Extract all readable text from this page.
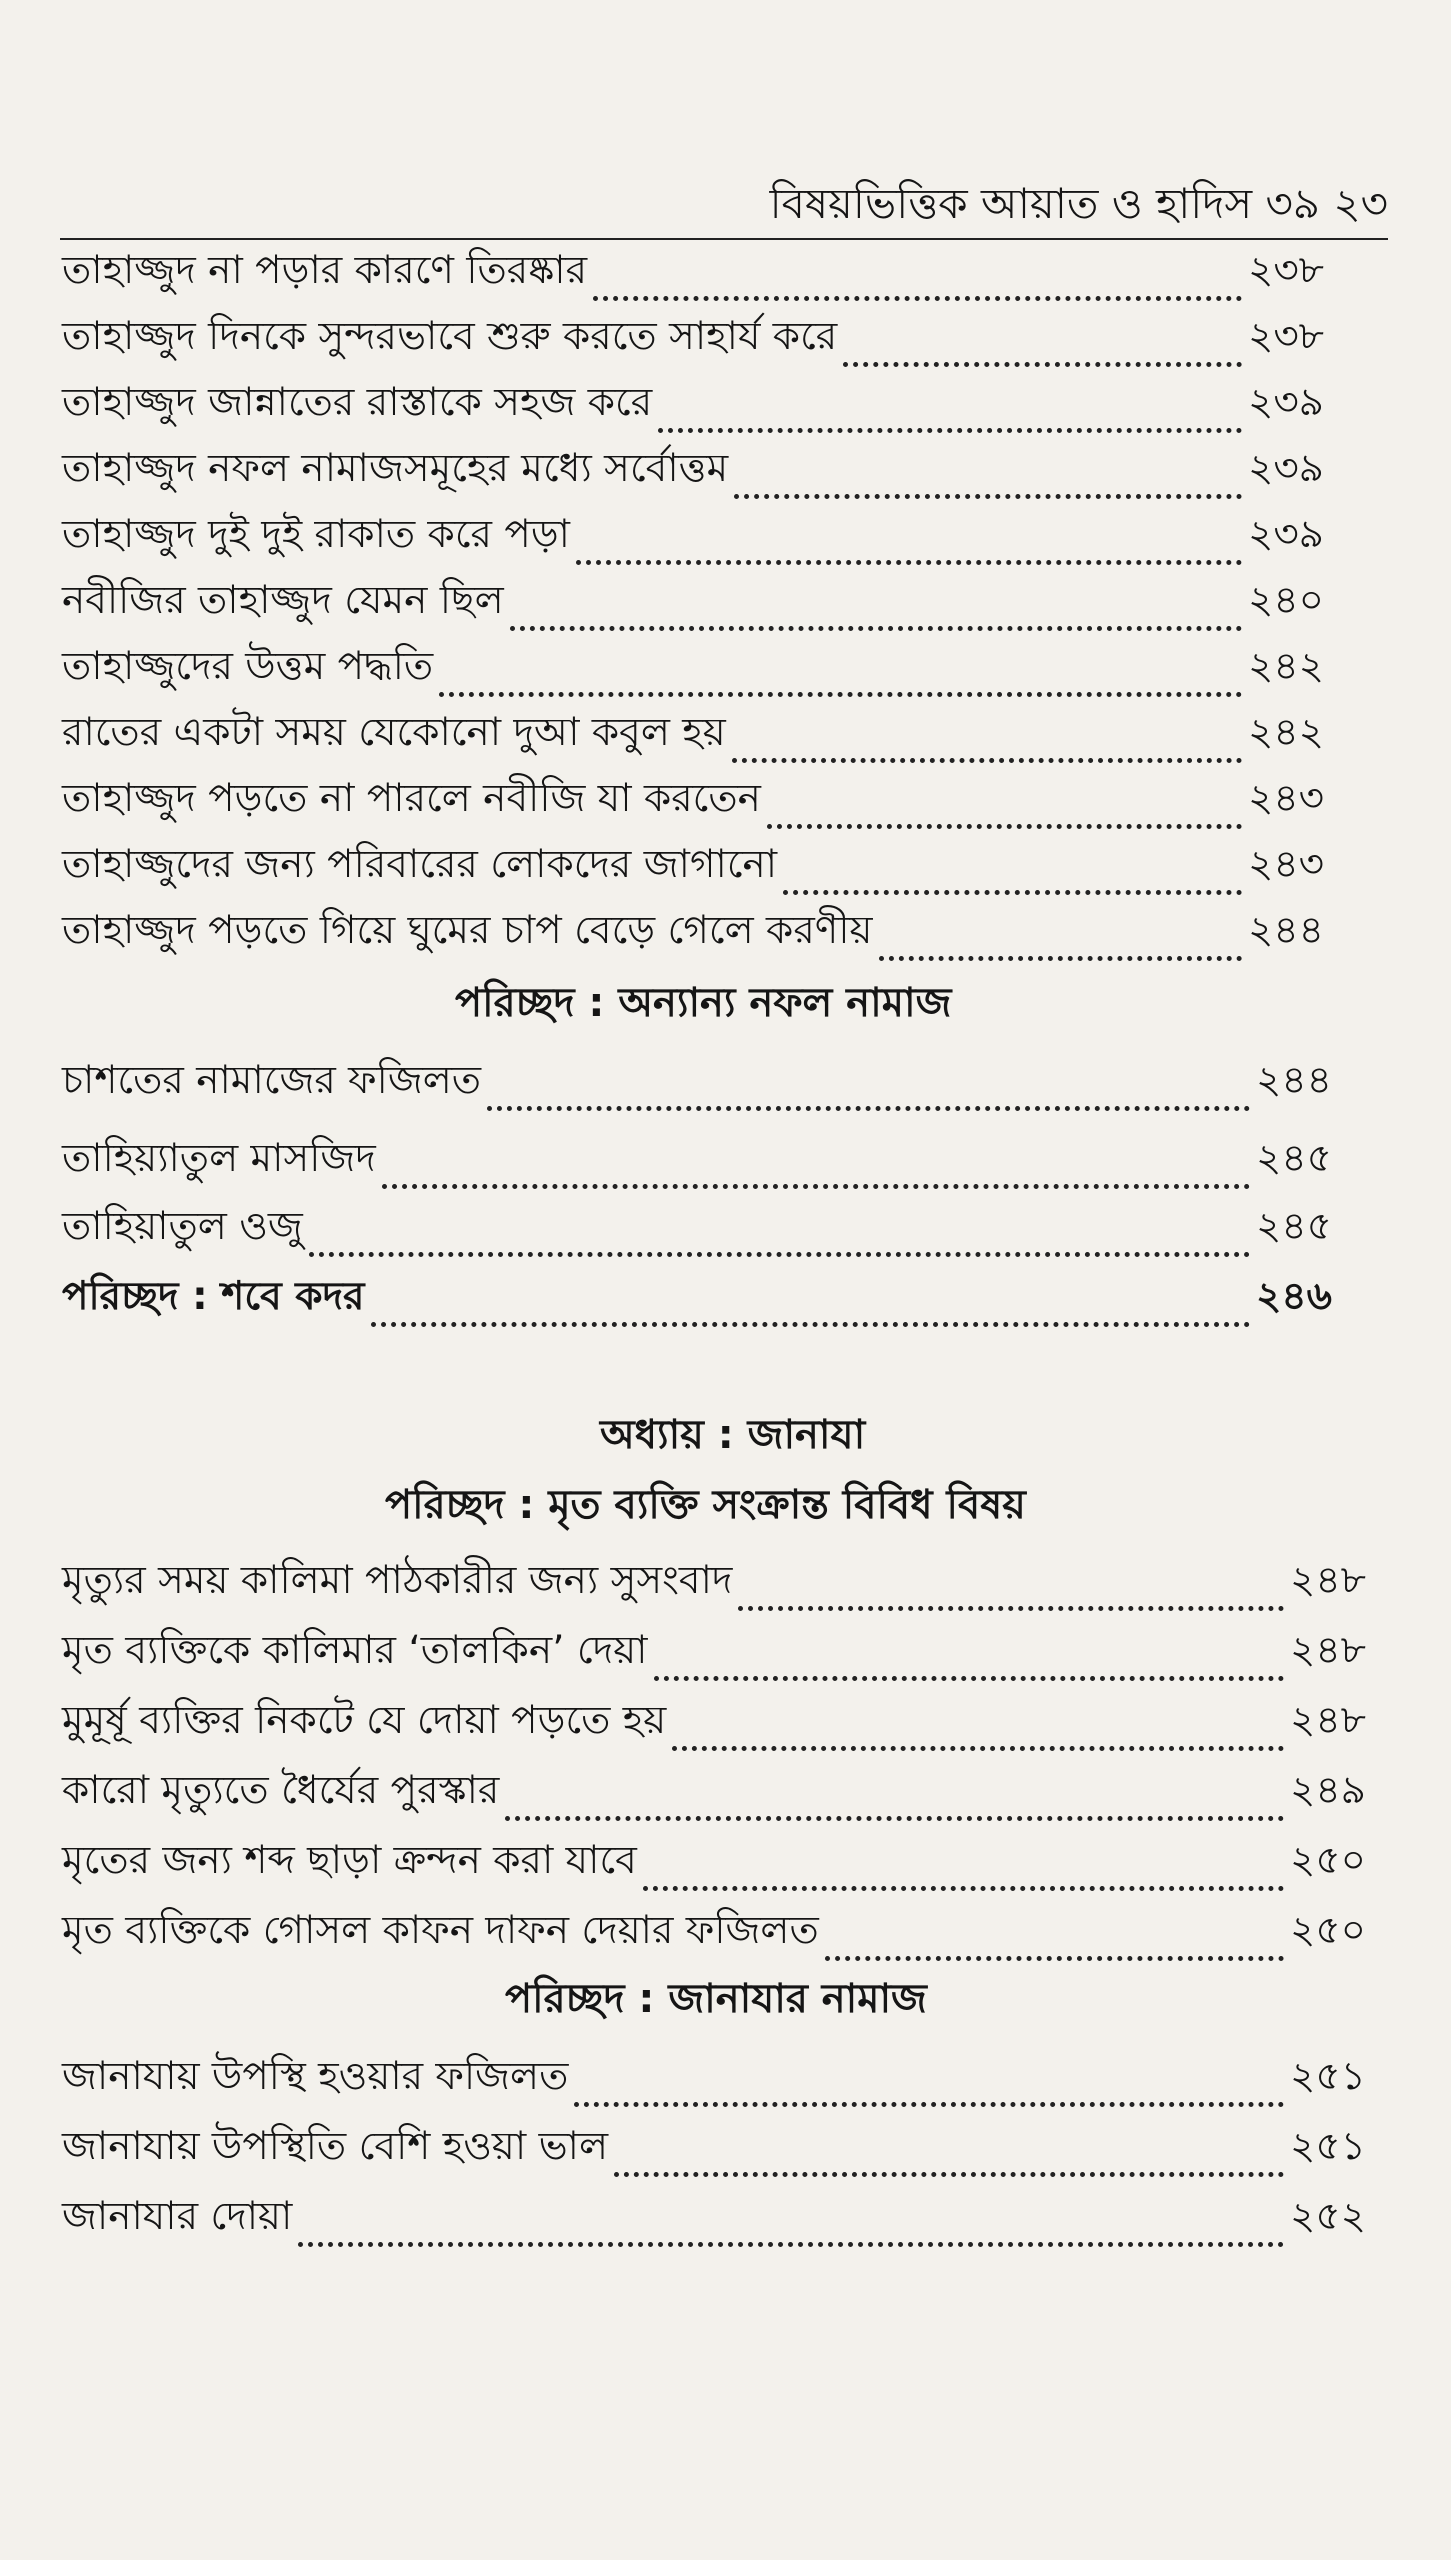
বিষয়ভিত্তিক আয়াত ও হাদিস ৩৯ ২৩
তাহাজ্জুদ না পড়ার কারণে তিরষ্কার	২৩৮
তাহাজ্জুদ দিনকে সুন্দরভাবে শুরু করতে সাহার্য করে	২৩৮
তাহাজ্জুদ জান্নাতের রাস্তাকে সহজ করে	২৩৯
তাহাজ্জুদ নফল নামাজসমূহের মধ্যে সর্বোত্তম	২৩৯
তাহাজ্জুদ দুই দুই রাকাত করে পড়া	২৩৯
নবীজির তাহাজ্জুদ যেমন ছিল	২৪০
তাহাজ্জুদের উত্তম পদ্ধতি	২৪২
রাতের একটা সময় যেকোনো দুআ কবুল হয়	২৪২
তাহাজ্জুদ পড়তে না পারলে নবীজি যা করতেন	২৪৩
তাহাজ্জুদের জন্য পরিবারের লোকদের জাগানো	২৪৩
তাহাজ্জুদ পড়তে গিয়ে ঘুমের চাপ বেড়ে গেলে করণীয়	২৪৪
পরিচ্ছদ : অন্যান্য নফল নামাজ
চাশতের নামাজের ফজিলত	২৪৪
তাহিয়্যাতুল মাসজিদ	২৪৫
তাহিয়াতুল ওজু	২৪৫
পরিচ্ছদ : শবে কদর	২৪৬
অধ্যায় : জানাযা
পরিচ্ছদ : মৃত ব্যক্তি সংক্রান্ত বিবিধ বিষয়
মৃত্যুর সময় কালিমা পাঠকারীর জন্য সুসংবাদ	২৪৮
মৃত ব্যক্তিকে কালিমার ‘তালকিন’ দেয়া	২৪৮
মুমূর্ষূ ব্যক্তির নিকটে যে দোয়া পড়তে হয়	২৪৮
কারো মৃত্যুতে ধৈর্যের পুরস্কার	২৪৯
মৃতের জন্য শব্দ ছাড়া ক্রন্দন করা যাবে	২৫০
মৃত ব্যক্তিকে গোসল কাফন দাফন দেয়ার ফজিলত	২৫০
পরিচ্ছদ : জানাযার নামাজ
জানাযায় উপস্থি হওয়ার ফজিলত	২৫১
জানাযায় উপস্থিতি বেশি হওয়া ভাল	২৫১
জানাযার দোয়া	২৫২
